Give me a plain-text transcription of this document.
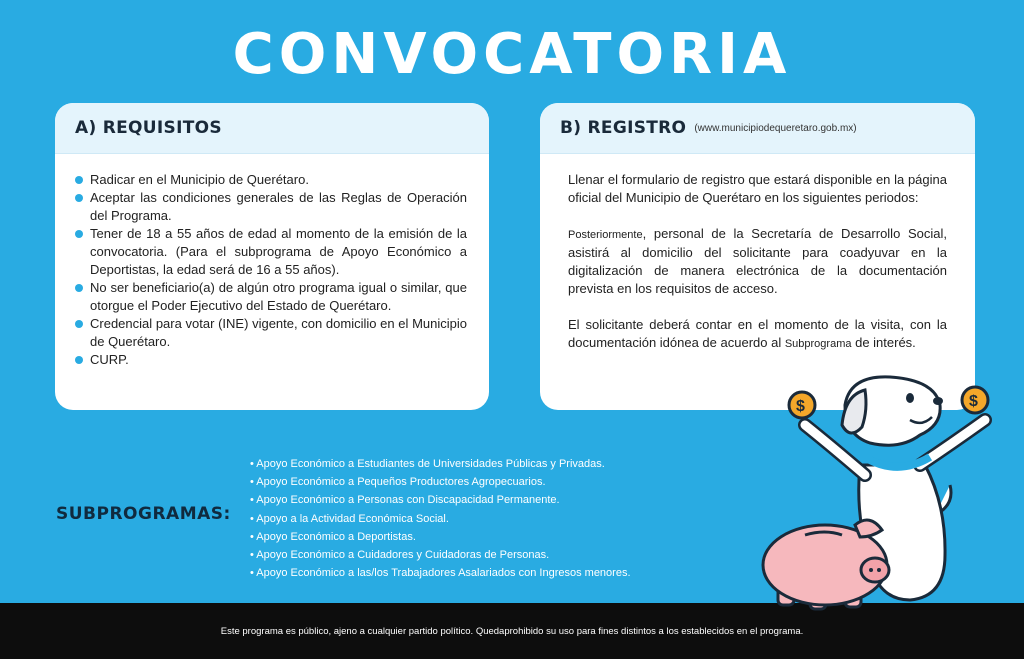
CONVOCATORIA
A) REQUISITOS
Radicar en el Municipio de Querétaro.
Aceptar las condiciones generales de las Reglas de Operación del Programa.
Tener de 18 a 55 años de edad al momento de la emisión de la convocatoria. (Para el subprograma de Apoyo Económico a Deportistas, la edad será de 16 a 55 años).
No ser beneficiario(a) de algún otro programa igual o similar, que otorgue el Poder Ejecutivo del Estado de Querétaro.
Credencial para votar (INE) vigente, con domicilio en el Municipio de Querétaro.
CURP.
B) REGISTRO (www.municipiodequeretaro.gob.mx)

Llenar el formulario de registro que estará disponible en la página oficial del Municipio de Querétaro en los siguientes periodos:

Posteriormente, personal de la Secretaría de Desarrollo Social, asistirá al domicilio del solicitante para coadyuvar en la digitalización de manera electrónica de la documentación prevista en los requisitos de acceso.

El solicitante deberá contar en el momento de la visita, con la documentación idónea de acuerdo al Subprograma de interés.

SUBPROGRAMAS:
• Apoyo Económico a Estudiantes de Universidades Públicas y Privadas.
• Apoyo Económico a Pequeños Productores Agropecuarios.
• Apoyo Económico a Personas con Discapacidad Permanente.
• Apoyo a la Actividad Económica Social.
• Apoyo Económico a Deportistas.
• Apoyo Económico a Cuidadores y Cuidadoras de Personas.
• Apoyo Económico a las/los Trabajadores Asalariados con Ingresos menores.
Este programa es público, ajeno a cualquier partido político. Quedaprohibido su uso para fines distintos a los establecidos en el programa.
$	$
